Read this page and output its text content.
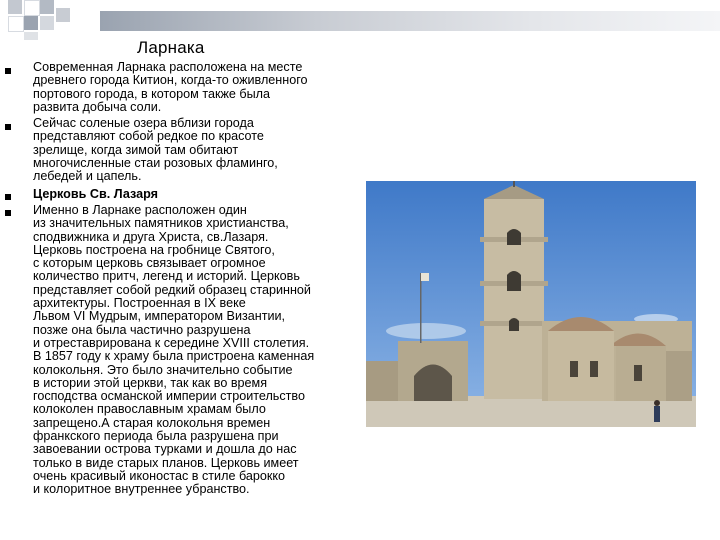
Ларнака
Современная Ларнака расположена на месте
древнего города Китион, когда-то оживленного
портового города, в котором также была
развита добыча соли.
Сейчас соленые озера вблизи города
представляют собой редкое по красоте
зрелище, когда зимой там обитают
многочисленные стаи розовых фламинго,
лебедей и цапель.
Церковь Св. Лазаря
Именно в Ларнаке расположен один
из значительных памятников христианства,
сподвижника и друга Христа, св.Лазаря.
Церковь построена на гробнице Святого,
с которым церковь связывает огромное
количество притч, легенд и историй. Церковь
представляет собой редкий образец старинной
архитектуры. Построенная в IX веке
Львом VI Мудрым, императором Византии,
позже она была частично разрушена
и отреставрирована к середине XVIII столетия.
В 1857 году к храму была пристроена каменная
колокольня. Это было значительно событие
в истории этой церкви, так как во время
господства османской империи строительство
колоколен православным храмам было
запрещено.А старая колокольня времен
франкского периода была разрушена при
завоевании острова турками и дошла до нас
только в виде старых планов. Церковь имеет
очень красивый иконостас в стиле барокко
и колоритное внутреннее убранство.
